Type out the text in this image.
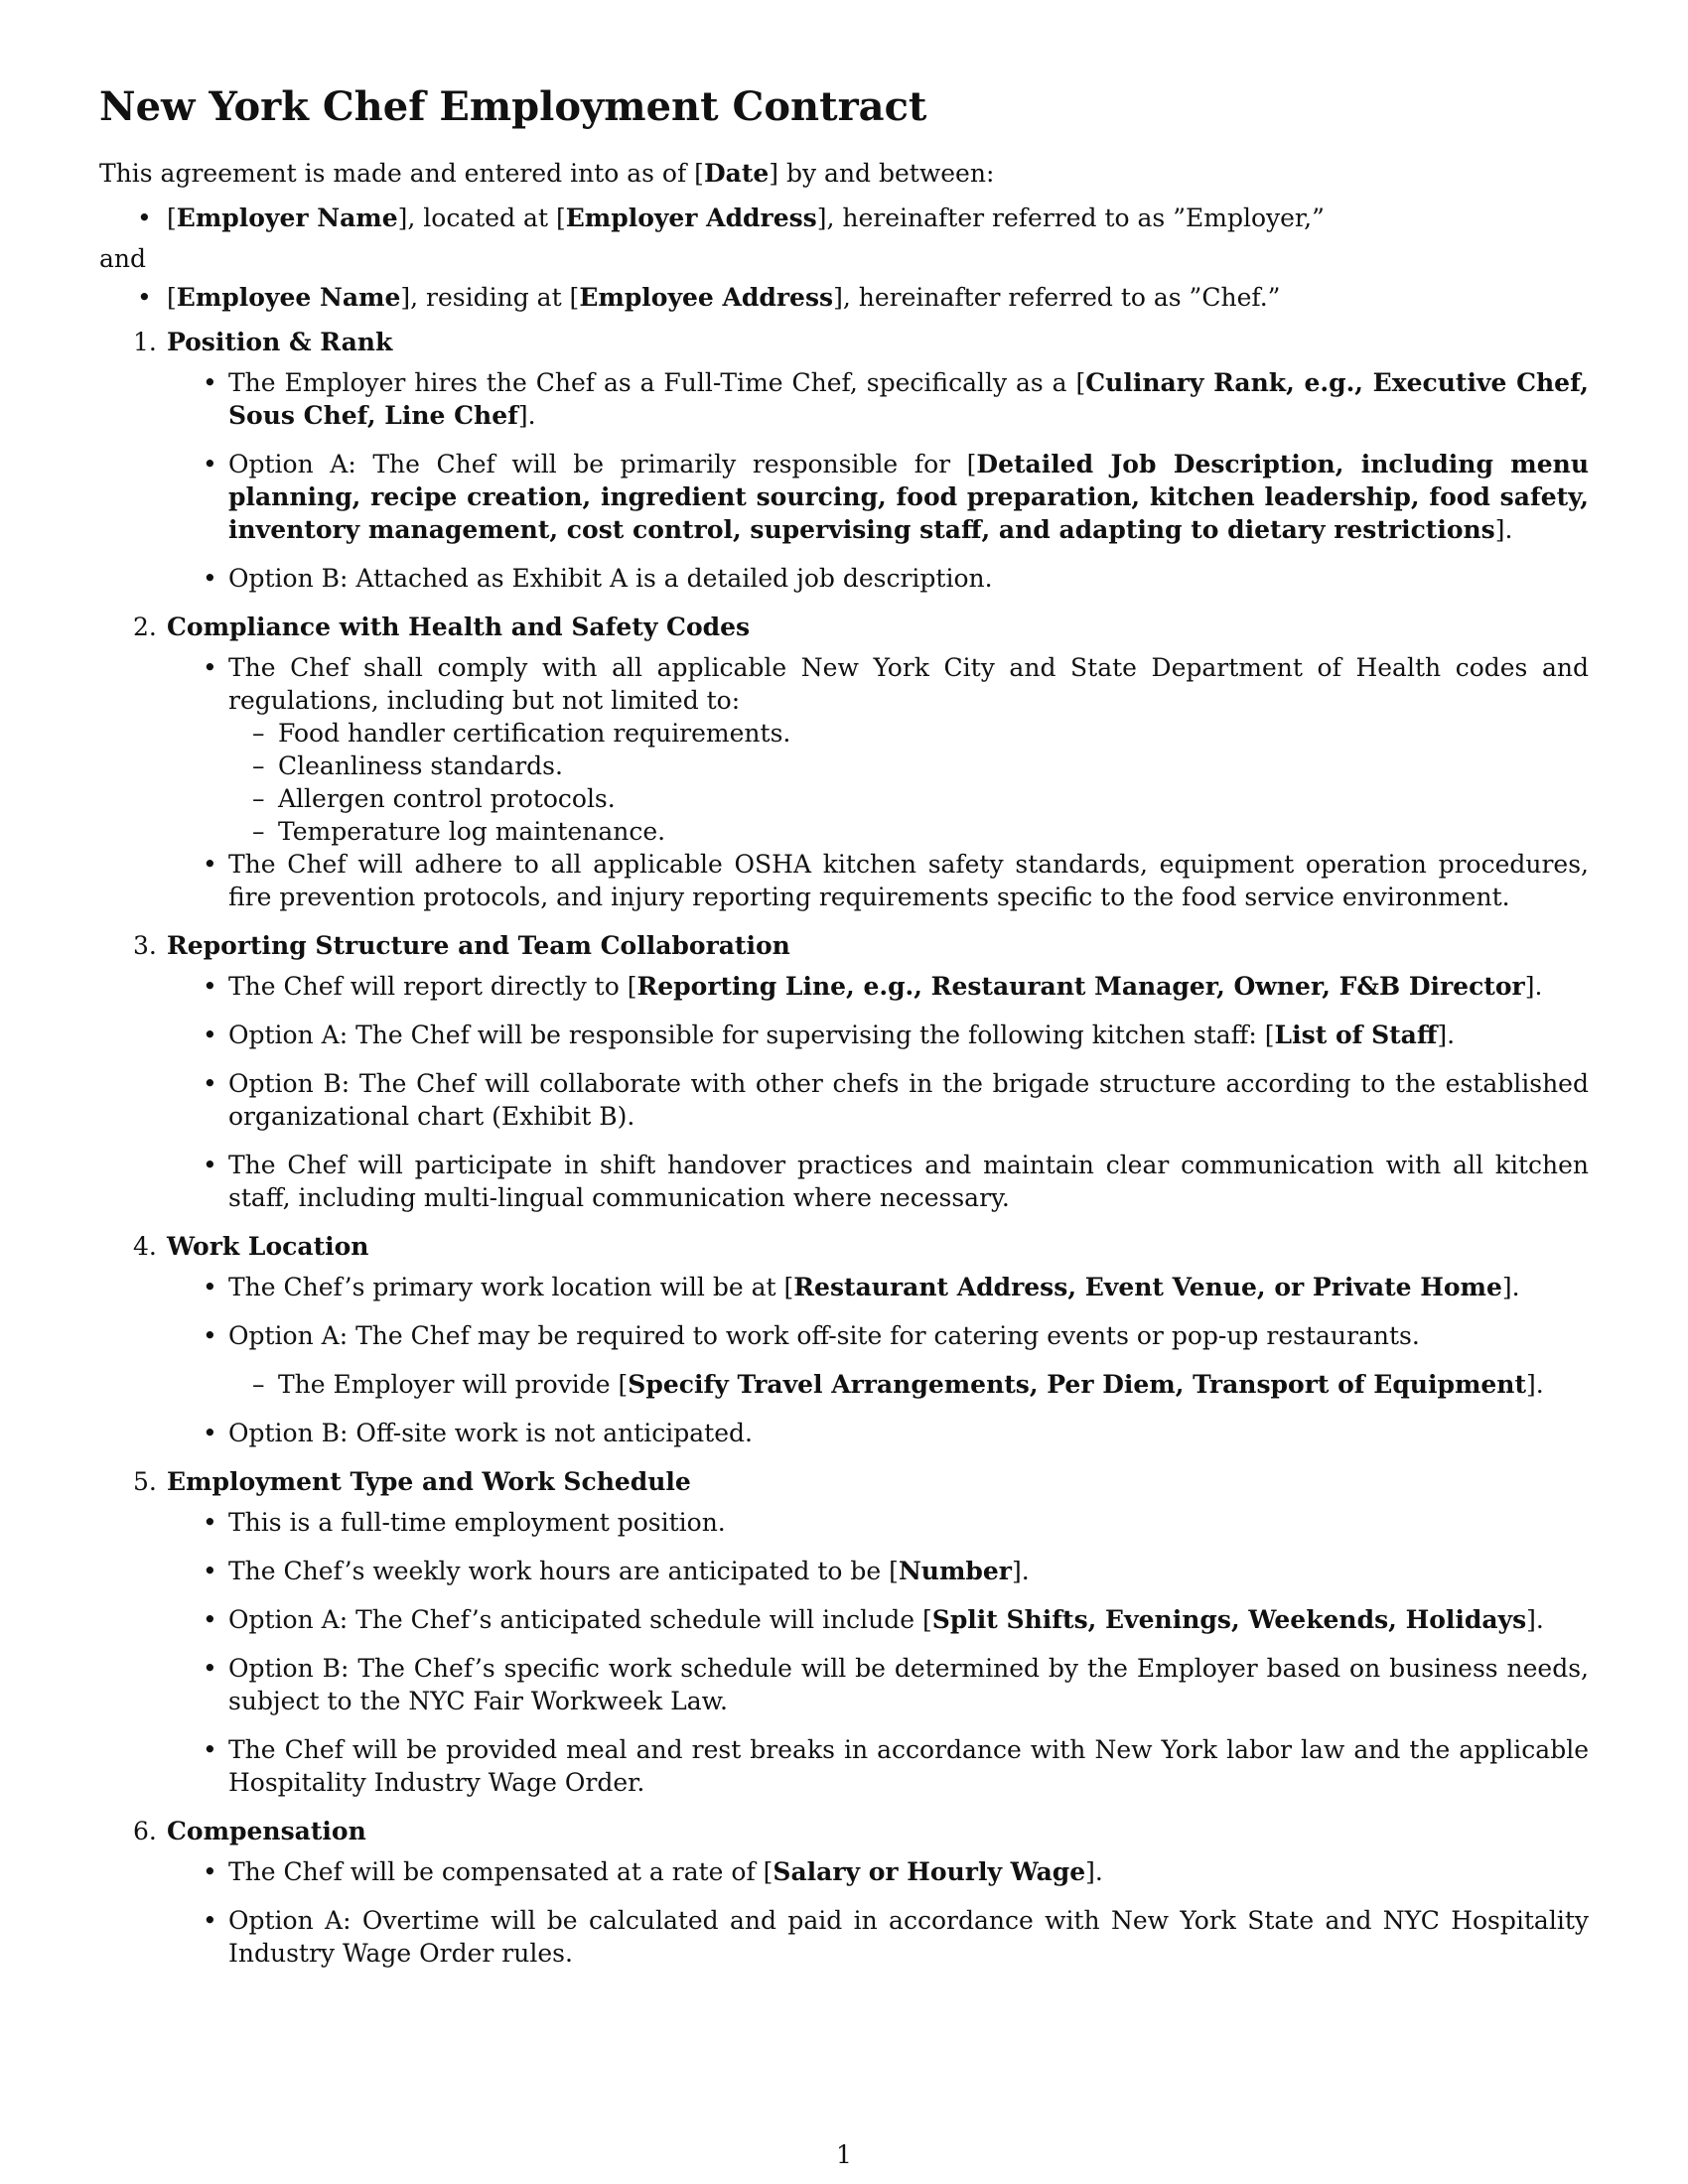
New York Chef Employment Contract

This agreement is made and entered into as of [Date] by and between:

• [Employer Name], located at [Employer Address], hereinafter referred to as ”Employer,”

and

• [Employee Name], residing at [Employee Address], hereinafter referred to as ”Chef.”
1. Position & Rank
• The Employer hires the Chef as a Full-Time Chef, specifically as a [Culinary Rank, e.g., Executive Chef, Sous Chef, Line Chef].
• Option A: The Chef will be primarily responsible for [Detailed Job Description, including menu planning, recipe creation, ingredient sourcing, food preparation, kitchen leadership, food safety, inventory management, cost control, supervising staff, and adapting to dietary restrictions].
• Option B: Attached as Exhibit A is a detailed job description.
2. Compliance with Health and Safety Codes
• The Chef shall comply with all applicable New York City and State Department of Health codes and regulations, including but not limited to:
– Food handler certification requirements.
– Cleanliness standards.
– Allergen control protocols.
– Temperature log maintenance.
• The Chef will adhere to all applicable OSHA kitchen safety standards, equipment operation procedures, fire prevention protocols, and injury reporting requirements specific to the food service environment.
3. Reporting Structure and Team Collaboration
• The Chef will report directly to [Reporting Line, e.g., Restaurant Manager, Owner, F&B Director].
• Option A: The Chef will be responsible for supervising the following kitchen staff: [List of Staff].
• Option B: The Chef will collaborate with other chefs in the brigade structure according to the established organizational chart (Exhibit B).
• The Chef will participate in shift handover practices and maintain clear communication with all kitchen staff, including multi-lingual communication where necessary.
4. Work Location
• The Chef’s primary work location will be at [Restaurant Address, Event Venue, or Private Home].
• Option A: The Chef may be required to work off-site for catering events or pop-up restaurants.
– The Employer will provide [Specify Travel Arrangements, Per Diem, Transport of Equipment].
• Option B: Off-site work is not anticipated.
5. Employment Type and Work Schedule
• This is a full-time employment position.
• The Chef’s weekly work hours are anticipated to be [Number].
• Option A: The Chef’s anticipated schedule will include [Split Shifts, Evenings, Weekends, Holidays].
• Option B: The Chef’s specific work schedule will be determined by the Employer based on business needs, subject to the NYC Fair Workweek Law.
• The Chef will be provided meal and rest breaks in accordance with New York labor law and the applicable Hospitality Industry Wage Order.
6. Compensation
• The Chef will be compensated at a rate of [Salary or Hourly Wage].
• Option A: Overtime will be calculated and paid in accordance with New York State and NYC Hospitality Industry Wage Order rules.
1
